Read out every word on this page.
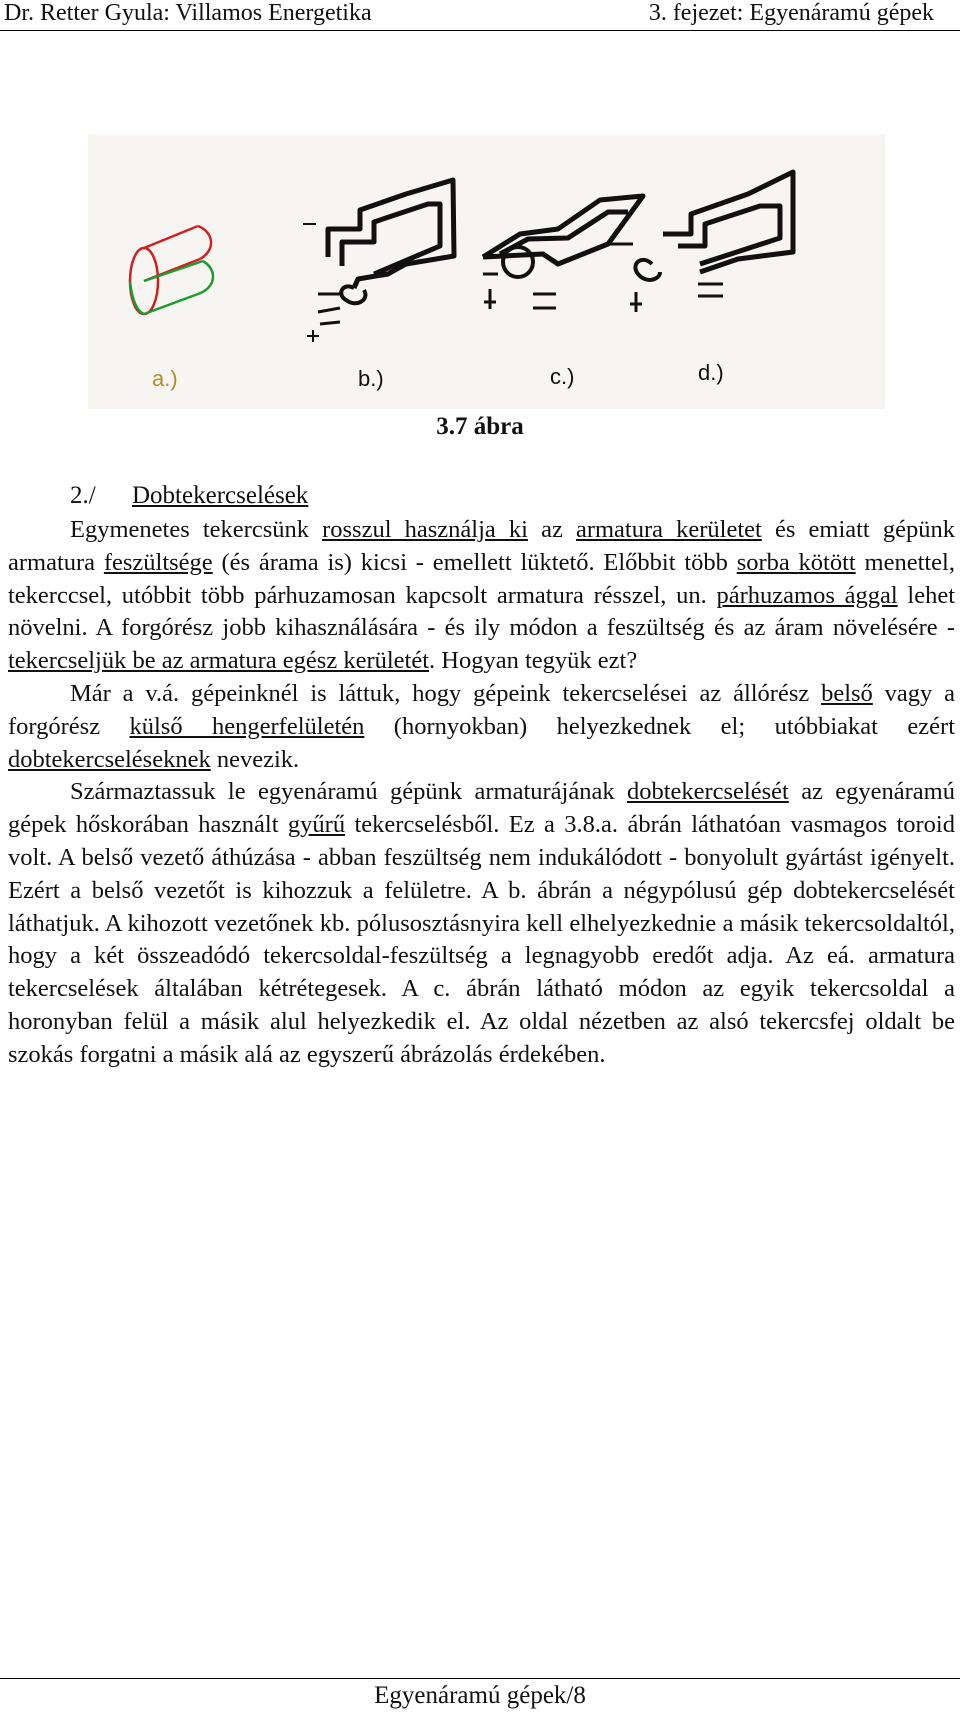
Dr. Retter Gyula: Villamos Energetika	3. fejezet: Egyenáramú gépek
a.)	b.)	c.)	d.)
3.7 ábra
2./ Dobtekercselések

Egymenetes tekercsünk rosszul használja ki az armatura kerületet és emiatt gépünk armatura feszültsége (és árama is) kicsi - emellett lüktető. Előbbit több sorba kötött menettel, tekerccsel, utóbbit több párhuzamosan kapcsolt armatura résszel, un. párhuzamos ággal lehet növelni. A forgórész jobb kihasználására - és ily módon a feszültség és az áram növelésére - tekercseljük be az armatura egész kerületét. Hogyan tegyük ezt?

Már a v.á. gépeinknél is láttuk, hogy gépeink tekercselései az állórész belső vagy a forgórész külső hengerfelületén (hornyokban) helyezkednek el; utóbbiakat ezért dobtekercseléseknek nevezik.

Származtassuk le egyenáramú gépünk armaturájának dobtekercselését az egyenáramú gépek hőskorában használt gyűrű tekercselésből. Ez a 3.8.a. ábrán láthatóan vasmagos toroid volt. A belső vezető áthúzása - abban feszültség nem indukálódott - bonyolult gyártást igényelt. Ezért a belső vezetőt is kihozzuk a felületre. A b. ábrán a négypólusú gép dobtekercselését láthatjuk. A kihozott vezetőnek kb. pólusosztásnyira kell elhelyezkednie a másik tekercsoldaltól, hogy a két összeadódó tekercsoldal-feszültség a legnagyobb eredőt adja. Az eá. armatura tekercselések általában kétrétegesek. A c. ábrán látható módon az egyik tekercsoldal a horonyban felül a másik alul helyezkedik el. Az oldal nézetben az alsó tekercsfej oldalt be szokás forgatni a másik alá az egyszerű ábrázolás érdekében.

Egyenáramú gépek/8
